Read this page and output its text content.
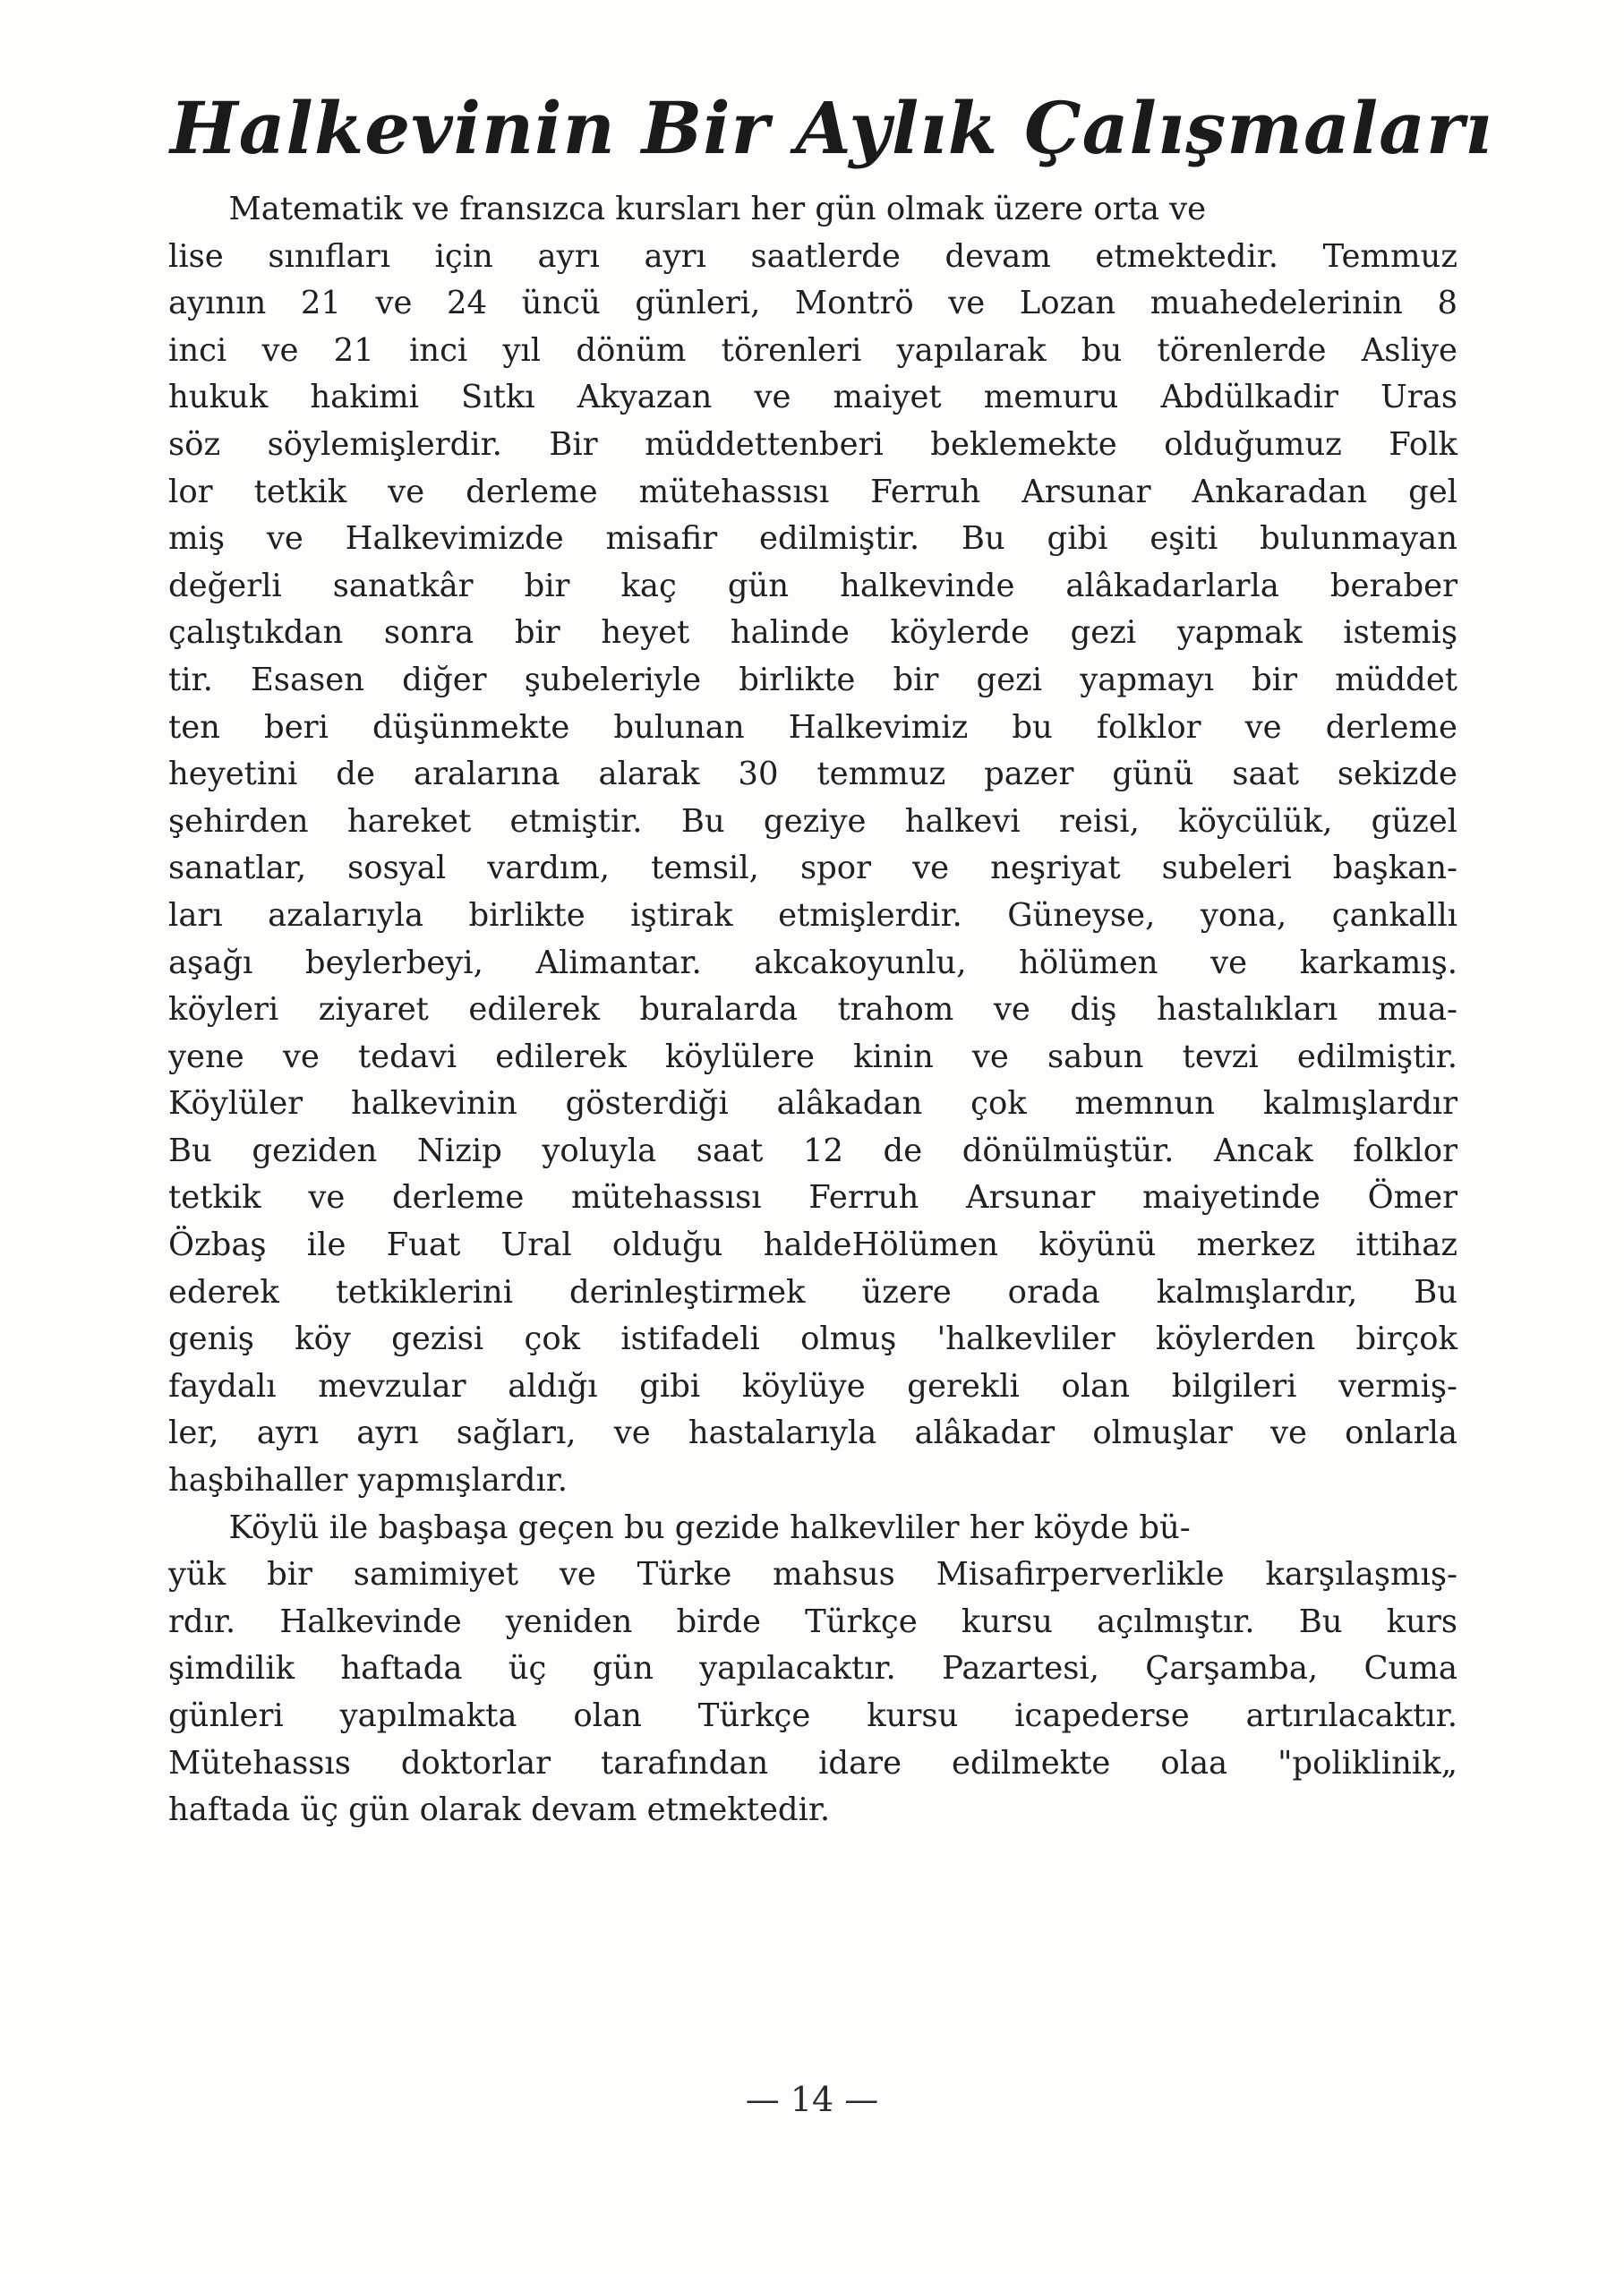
Halkevinin Bir Aylık Çalışmaları
Matematik ve fransızca kursları her gün olmak üzere orta ve
lise sınıfları için ayrı ayrı saatlerde devam etmektedir. Temmuz
ayının 21 ve 24 üncü günleri, Montrö ve Lozan muahedelerinin 8
inci ve 21 inci yıl dönüm törenleri yapılarak bu törenlerde Asliye
hukuk hakimi Sıtkı Akyazan ve maiyet memuru Abdülkadir Uras
söz söylemişlerdir. Bir müddettenberi beklemekte olduğumuz Folk
lor tetkik ve derleme mütehassısı Ferruh Arsunar Ankaradan gel
miş ve Halkevimizde misafir edilmiştir. Bu gibi eşiti bulunmayan
değerli sanatkâr bir kaç gün halkevinde alâkadarlarla beraber
çalıştıkdan sonra bir heyet halinde köylerde gezi yapmak istemiş
tir. Esasen diğer şubeleriyle birlikte bir gezi yapmayı bir müddet
ten beri düşünmekte bulunan Halkevimiz bu folklor ve derleme
heyetini de aralarına alarak 30 temmuz pazer günü saat sekizde
şehirden hareket etmiştir. Bu geziye halkevi reisi, köycülük, güzel
sanatlar, sosyal vardım, temsil, spor ve neşriyat subeleri başkan-
ları azalarıyla birlikte iştirak etmişlerdir. Güneyse, yona, çankallı
aşağı beylerbeyi, Alimantar. akcakoyunlu, hölümen ve karkamış.
köyleri ziyaret edilerek buralarda trahom ve diş hastalıkları mua-
yene ve tedavi edilerek köylülere kinin ve sabun tevzi edilmiştir.
Köylüler halkevinin gösterdiği alâkadan çok memnun kalmışlardır
Bu geziden Nizip yoluyla saat 12 de dönülmüştür. Ancak folklor
tetkik ve derleme mütehassısı Ferruh Arsunar maiyetinde Ömer
Özbaş ile Fuat Ural olduğu haldeHölümen köyünü merkez ittihaz
ederek tetkiklerini derinleştirmek üzere orada kalmışlardır, Bu
geniş köy gezisi çok istifadeli olmuş 'halkevliler köylerden birçok
faydalı mevzular aldığı gibi köylüye gerekli olan bilgileri vermiş-
ler, ayrı ayrı sağları, ve hastalarıyla alâkadar olmuşlar ve onlarla
haşbihaller yapmışlardır.
Köylü ile başbaşa geçen bu gezide halkevliler her köyde bü-
yük bir samimiyet ve Türke mahsus Misafirperverlikle karşılaşmış-
rdır. Halkevinde yeniden birde Türkçe kursu açılmıştır. Bu kurs
şimdilik haftada üç gün yapılacaktır. Pazartesi, Çarşamba, Cuma
günleri yapılmakta olan Türkçe kursu icapederse artırılacaktır.
Mütehassıs doktorlar tarafından idare edilmekte olaa "poliklinik„
haftada üç gün olarak devam etmektedir.
— 14 —
